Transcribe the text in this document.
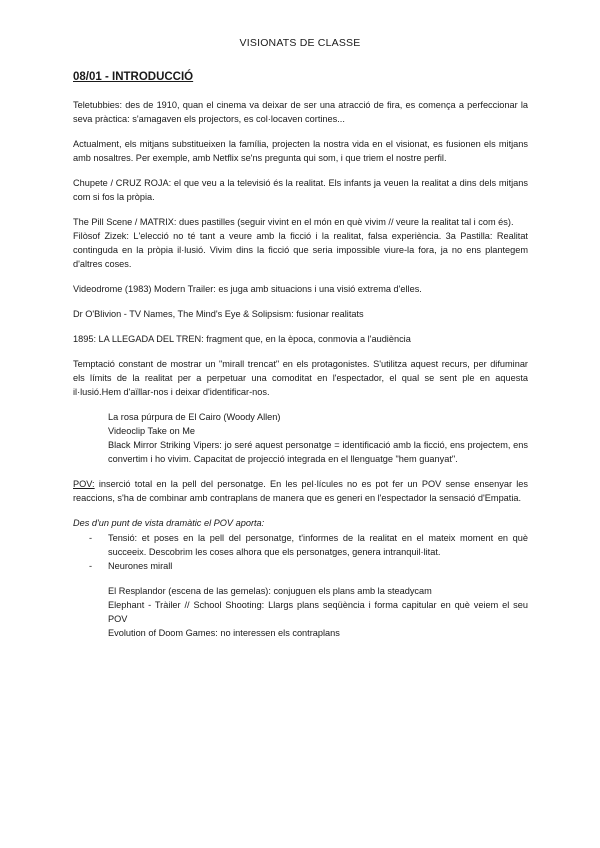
VISIONATS DE CLASSE
08/01 - INTRODUCCIÓ

Teletubbies: des de 1910, quan el cinema va deixar de ser una atracció de fira, es comença a perfeccionar la seva pràctica: s'amagaven els projectors, es col·locaven cortines...

Actualment, els mitjans substitueixen la família, projecten la nostra vida en el visionat, es fusionen els mitjans amb nosaltres. Per exemple, amb Netflix se'ns pregunta qui som, i que triem el nostre perfil.

Chupete / CRUZ ROJA: el que veu a la televisió és la realitat. Els infants ja veuen la realitat a dins dels mitjans com si fos la pròpia.

The Pill Scene / MATRIX: dues pastilles (seguir vivint en el món en què vivim // veure la realitat tal i com és).

Filòsof Zizek: L'elecció no té tant a veure amb la ficció i la realitat, falsa experiència. 3a Pastilla: Realitat continguda en la pròpia il·lusió. Vivim dins la ficció que seria impossible viure-la fora, ja no ens plantegem d'altres coses.

Videodrome (1983) Modern Trailer: es juga amb situacions i una visió extrema d'elles.

Dr O'Blivion - TV Names, The Mind's Eye & Solipsism: fusionar realitats

1895: LA LLEGADA DEL TREN: fragment que, en la època, conmovia a l'audiència

Temptació constant de mostrar un "mirall trencat" en els protagonistes. S'utilitza aquest recurs, per difuminar els límits de la realitat per a perpetuar una comoditat en l'espectador, el qual se sent ple en aquesta il·lusió.Hem d'aïllar-nos i deixar d'identificar-nos.

La rosa púrpura de El Cairo (Woody Allen)
Videoclip Take on Me
Black Mirror Striking Vipers: jo seré aquest personatge = identificació amb la ficció, ens projectem, ens convertim i ho vivim. Capacitat de projecció integrada en el llenguatge "hem guanyat".

POV: inserció total en la pell del personatge. En les pel·lícules no es pot fer un POV sense ensenyar les reaccions, s'ha de combinar amb contraplans de manera que es generi en l'espectador la sensació d'Empatia.

Des d'un punt de vista dramàtic el POV aporta:
- Tensió: et poses en la pell del personatge, t'informes de la realitat en el mateix moment en què succeeix. Descobrim les coses alhora que els personatges, genera intranquil·litat.
- Neurones mirall
El Resplandor (escena de las gemelas): conjuguen els plans amb la steadycam
Elephant - Tràiler // School Shooting: Llargs plans seqüència i forma capitular en què veiem el seu POV
Evolution of Doom Games: no interessen els contraplans
